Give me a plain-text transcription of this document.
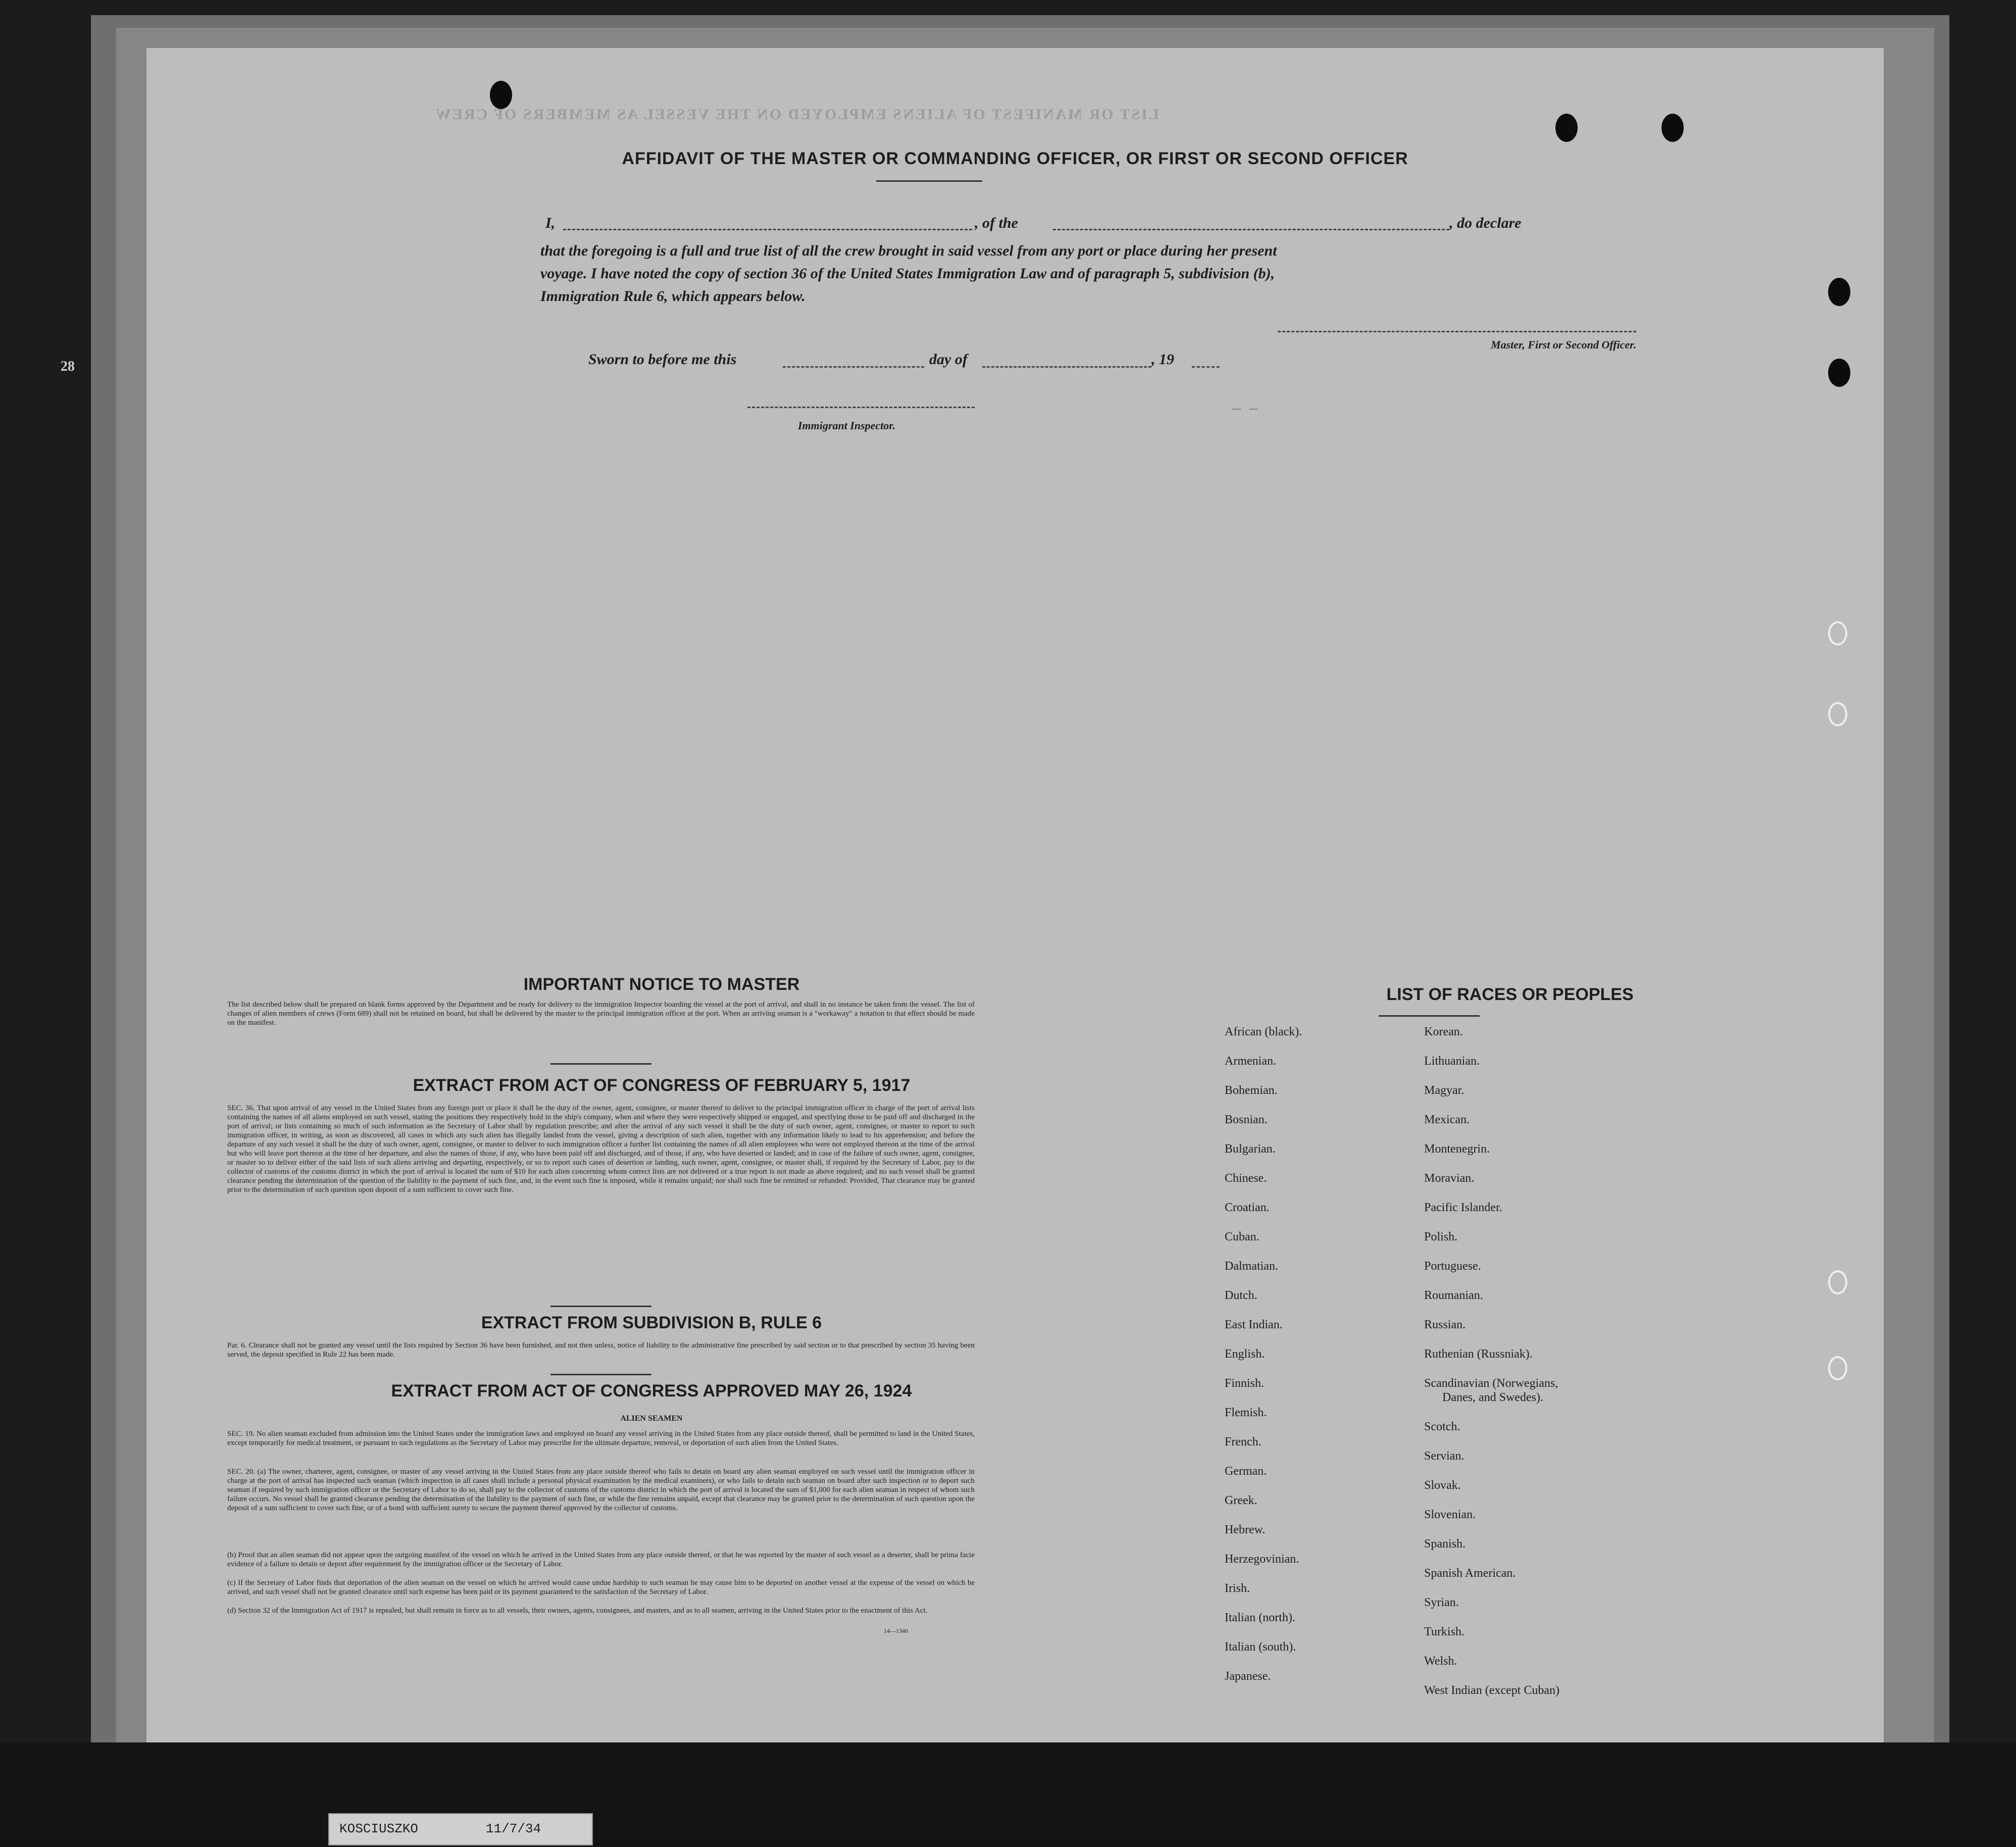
28
LIST OR MANIFEST OF ALIENS EMPLOYED ON THE VESSEL AS MEMBERS OF CREW
— —
AFFIDAVIT OF THE MASTER OR COMMANDING OFFICER, OR FIRST OR SECOND OFFICER
I,	, of the	, do declare
that the foregoing is a full and true list of all the crew brought in said vessel from any port or place during her present
voyage. I have noted the copy of section 36 of the United States Immigration Law and of paragraph 5, subdivision (b),
Immigration Rule 6, which appears below.
Master, First or Second Officer.
Sworn to before me this	day of	, 19
Immigrant Inspector.
IMPORTANT NOTICE TO MASTER
The list described below shall be prepared on blank forms approved by the Department and be ready for delivery to the immigration Inspector boarding the vessel at the port of arrival, and shall in no instance be taken from the vessel. The list of changes of alien members of crews (Form 689) shall not be retained on board, but shall be delivered by the master to the principal immigration officer at the port. When an arriving seaman is a "workaway" a notation to that effect should be made on the manifest.
EXTRACT FROM ACT OF CONGRESS OF FEBRUARY 5, 1917
SEC. 36. That upon arrival of any vessel in the United States from any foreign port or place it shall be the duty of the owner, agent, consignee, or master thereof to deliver to the principal immigration officer in charge of the port of arrival lists containing the names of all aliens employed on such vessel, stating the positions they respectively hold in the ship's company, when and where they were respectively shipped or engaged, and specifying those to be paid off and discharged in the port of arrival; or lists containing so much of such information as the Secretary of Labor shall by regulation prescribe; and after the arrival of any such vessel it shall be the duty of such owner, agent, consignee, or master to report to such immigration officer, in writing, as soon as discovered, all cases in which any such alien has illegally landed from the vessel, giving a description of such alien, together with any information likely to lead to his apprehension; and before the departure of any such vessel it shall be the duty of such owner, agent, consignee, or master to deliver to such immigration officer a further list containing the names of all alien employees who were not employed thereon at the time of the arrival but who will leave port thereon at the time of her departure, and also the names of those, if any, who have been paid off and discharged, and of those, if any, who have deserted or landed; and in case of the failure of such owner, agent, consignee, or master so to deliver either of the said lists of such aliens arriving and departing, respectively, or so to report such cases of desertion or landing, such owner, agent, consignee, or master shall, if required by the Secretary of Labor, pay to the collector of customs of the customs district in which the port of arrival is located the sum of $10 for each alien concerning whom correct lists are not delivered or a true report is not made as above required; and no such vessel shall be granted clearance pending the determination of the question of the liability to the payment of such fine, and, in the event such fine is imposed, while it remains unpaid; nor shall such fine be remitted or refunded: Provided, That clearance may be granted prior to the determination of such question upon deposit of a sum sufficient to cover such fine.
EXTRACT FROM SUBDIVISION B, RULE 6
Par. 6. Clearance shall not be granted any vessel until the lists required by Section 36 have been furnished, and not then unless, notice of liability to the administrative fine prescribed by said section or to that prescribed by section 35 having been served, the deposit specified in Rule 22 has been made.
EXTRACT FROM ACT OF CONGRESS APPROVED MAY 26, 1924
ALIEN SEAMEN
SEC. 19. No alien seaman excluded from admission into the United States under the immigration laws and employed on board any vessel arriving in the United States from any place outside thereof, shall be permitted to land in the United States, except temporarily for medical treatment, or pursuant to such regulations as the Secretary of Labor may prescribe for the ultimate departure, removal, or deportation of such alien from the United States.
SEC. 20. (a) The owner, charterer, agent, consignee, or master of any vessel arriving in the United States from any place outside thereof who fails to detain on board any alien seaman employed on such vessel until the immigration officer in charge at the port of arrival has inspected such seaman (which inspection in all cases shall include a personal physical examination by the medical examiners), or who fails to detain such seaman on board after such inspection or to deport such seaman if required by such immigration officer or the Secretary of Labor to do so, shall pay to the collector of customs of the customs district in which the port of arrival is located the sum of $1,000 for each alien seaman in respect of whom such failure occurs. No vessel shall be granted clearance pending the determination of the liability to the payment of such fine, or while the fine remains unpaid, except that clearance may be granted prior to the determination of such question upon the deposit of a sum sufficient to cover such fine, or of a bond with sufficient surety to secure the payment thereof approved by the collector of customs.
(b) Proof that an alien seaman did not appear upon the outgoing manifest of the vessel on which he arrived in the United States from any place outside thereof, or that he was reported by the master of such vessel as a deserter, shall be prima facie evidence of a failure to detain or deport after requirement by the immigration officer or the Secretary of Labor.
(c) If the Secretary of Labor finds that deportation of the alien seaman on the vessel on which he arrived would cause undue hardship to such seaman he may cause him to be deported on another vessel at the expense of the vessel on which he arrived, and such vessel shall not be granted clearance until such expense has been paid or its payment guaranteed to the satisfaction of the Secretary of Labor.
(d) Section 32 of the Immigration Act of 1917 is repealed, but shall remain in force as to all vessels, their owners, agents, consignees, and masters, and as to all seamen, arriving in the United States prior to the enactment of this Act.
14—1340
LIST OF RACES OR PEOPLES
African (black).
Armenian.
Bohemian.
Bosnian.
Bulgarian.
Chinese.
Croatian.
Cuban.
Dalmatian.
Dutch.
East Indian.
English.
Finnish.
Flemish.
French.
German.
Greek.
Hebrew.
Herzegovinian.
Irish.
Italian (north).
Italian (south).
Japanese.
Korean.
Lithuanian.
Magyar.
Mexican.
Montenegrin.
Moravian.
Pacific Islander.
Polish.
Portuguese.
Roumanian.
Russian.
Ruthenian (Russniak).
Scandinavian (Norwegians,
Danes, and Swedes).
Scotch.
Servian.
Slovak.
Slovenian.
Spanish.
Spanish American.
Syrian.
Turkish.
Welsh.
West Indian (except Cuban)
KOSCIUSZKO	11/7/34
